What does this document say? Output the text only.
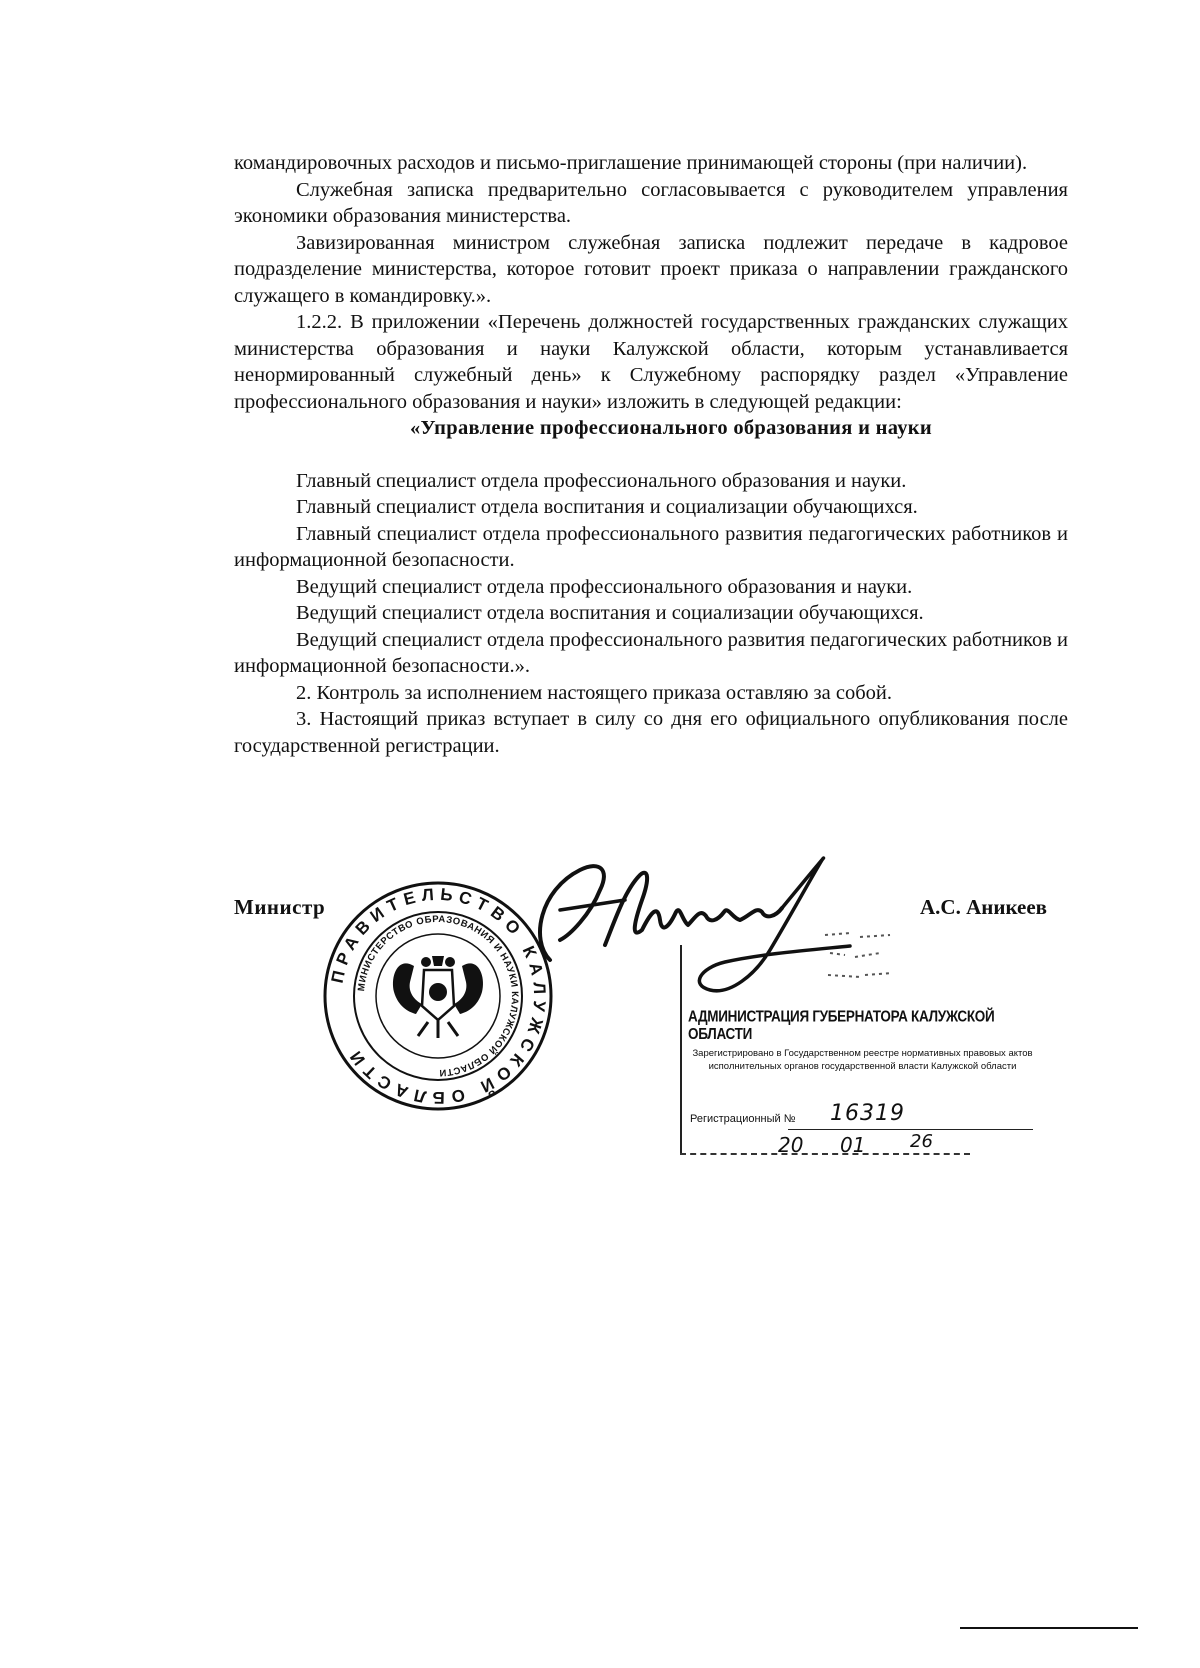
командировочных расходов и письмо-приглашение принимающей стороны (при наличии).

Служебная записка предварительно согласовывается с руководителем управления экономики образования министерства.

Завизированная министром служебная записка подлежит передаче в кадровое подразделение министерства, которое готовит проект приказа о направлении гражданского служащего в командировку.».

1.2.2. В приложении «Перечень должностей государственных гражданских служащих министерства образования и науки Калужской области, которым устанавливается ненормированный служебный день» к Служебному распорядку раздел «Управление профессионального образования и науки» изложить в следующей редакции:

«Управление профессионального образования и науки

Главный специалист отдела профессионального образования и науки.

Главный специалист отдела воспитания и социализации обучающихся.

Главный специалист отдела профессионального развития педагогических работников и информационной безопасности.

Ведущий специалист отдела профессионального образования и науки.

Ведущий специалист отдела воспитания и социализации обучающихся.

Ведущий специалист отдела профессионального развития педагогических работников и информационной безопасности.».

2. Контроль за исполнением настоящего приказа оставляю за собой.

3. Настоящий приказ вступает в силу со дня его официального опубликования после государственной регистрации.

Министр	А.С. Аникеев
ПРАВИТЕЛЬСТВО КАЛУЖСКОЙ ОБЛАСТИ
МИНИСТЕРСТВО ОБРАЗОВАНИЯ И НАУКИ КАЛУЖСКОЙ ОБЛАСТИ
АДМИНИСТРАЦИЯ ГУБЕРНАТОРА КАЛУЖСКОЙ ОБЛАСТИ
Зарегистрировано в Государственном реестре нормативных правовых актов исполнительных органов государственной власти Калужской области
Регистрационный № 16319
20 01 26
